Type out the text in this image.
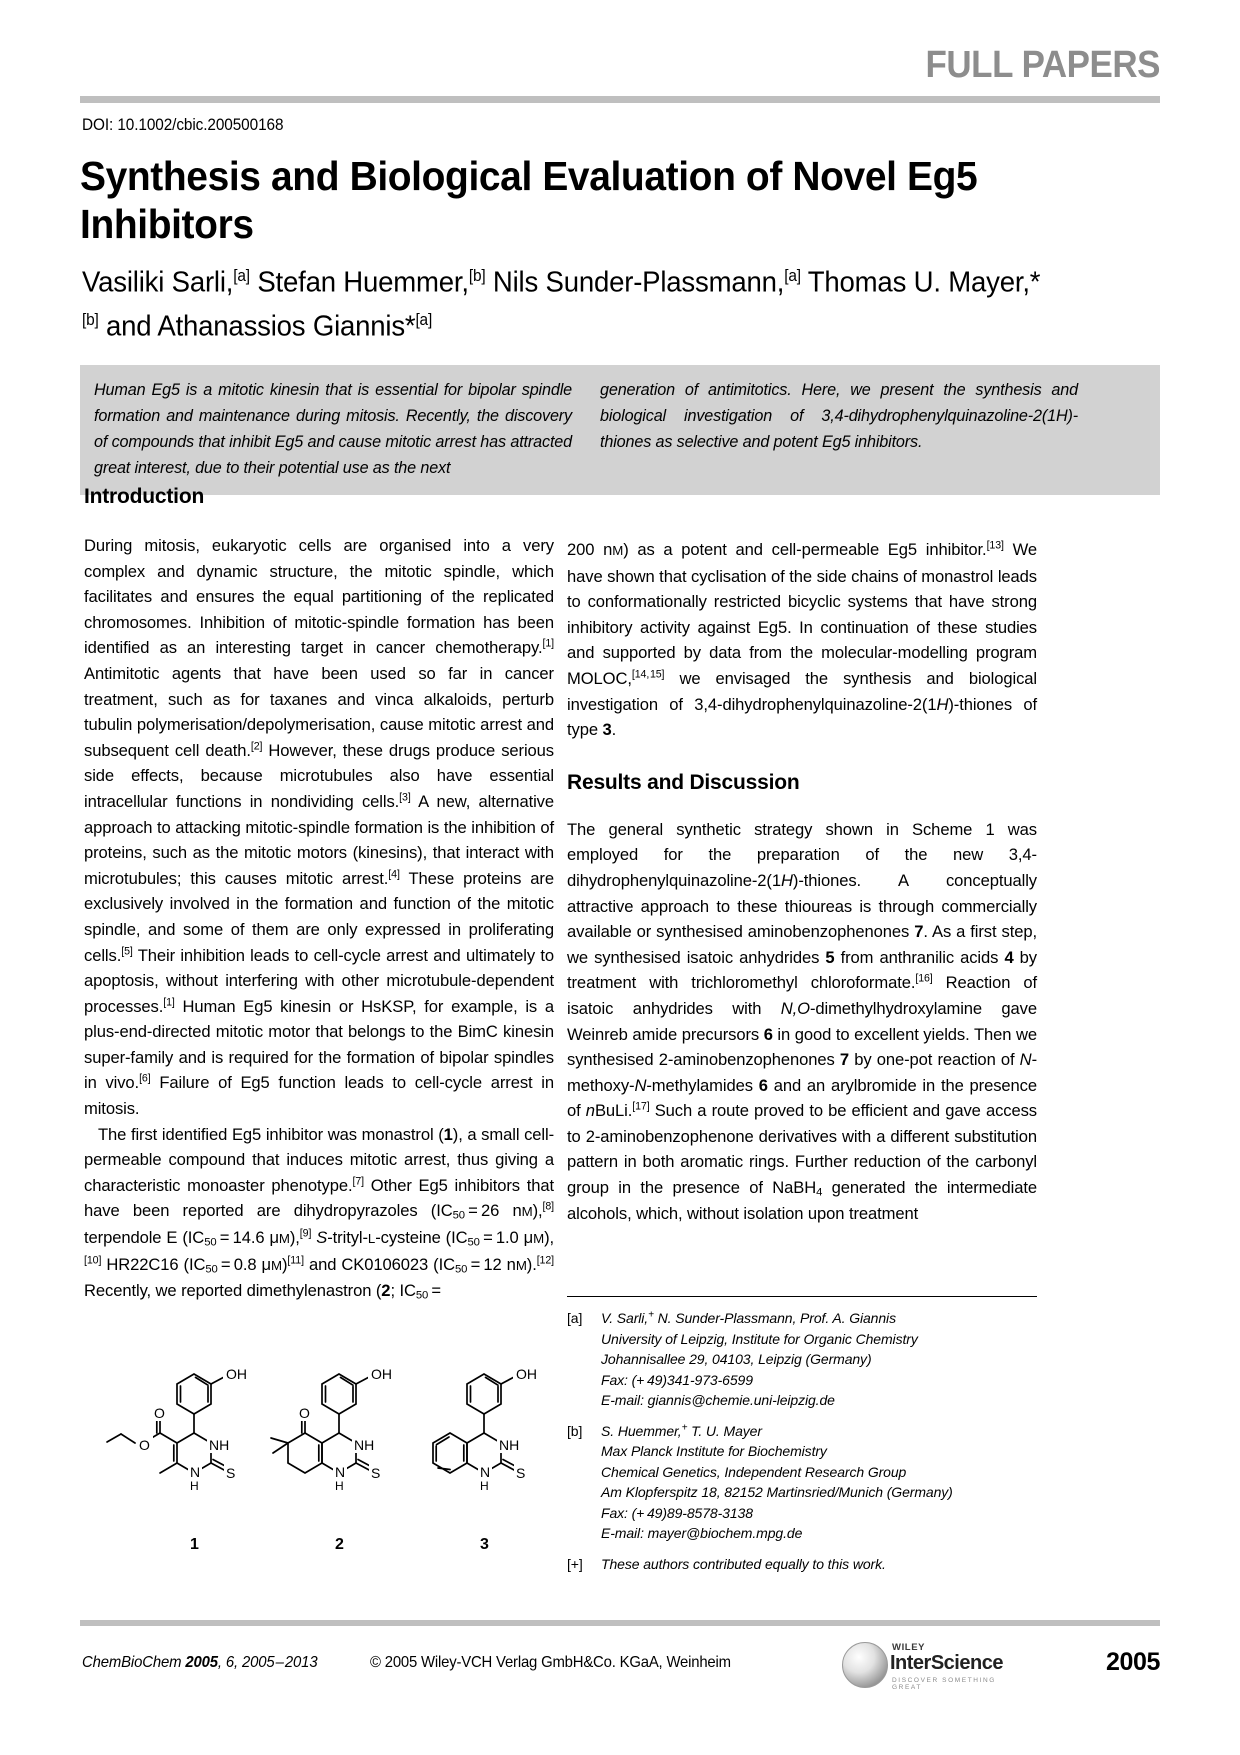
FULL PAPERS
DOI: 10.1002/cbic.200500168
Synthesis and Biological Evaluation of Novel Eg5 Inhibitors
Vasiliki Sarli,[a] Stefan Huemmer,[b] Nils Sunder-Plassmann,[a] Thomas U. Mayer,*[b] and Athanassios Giannis*[a]
Human Eg5 is a mitotic kinesin that is essential for bipolar spindle formation and maintenance during mitosis. Recently, the discovery of compounds that inhibit Eg5 and cause mitotic arrest has attracted great interest, due to their potential use as the next
generation of antimitotics. Here, we present the synthesis and biological investigation of 3,4-dihydrophenylquinazoline-2(1H)-thiones as selective and potent Eg5 inhibitors.
Introduction

During mitosis, eukaryotic cells are organised into a very complex and dynamic structure, the mitotic spindle, which facilitates and ensures the equal partitioning of the replicated chromosomes. Inhibition of mitotic-spindle formation has been identified as an interesting target in cancer chemotherapy.[1] Antimitotic agents that have been used so far in cancer treatment, such as for taxanes and vinca alkaloids, perturb tubulin polymerisation/depolymerisation, cause mitotic arrest and subsequent cell death.[2] However, these drugs produce serious side effects, because microtubules also have essential intracellular functions in nondividing cells.[3] A new, alternative approach to attacking mitotic-spindle formation is the inhibition of proteins, such as the mitotic motors (kinesins), that interact with microtubules; this causes mitotic arrest.[4] These proteins are exclusively involved in the formation and function of the mitotic spindle, and some of them are only expressed in proliferating cells.[5] Their inhibition leads to cell-cycle arrest and ultimately to apoptosis, without interfering with other microtubule-dependent processes.[1] Human Eg5 kinesin or HsKSP, for example, is a plus-end-directed mitotic motor that belongs to the BimC kinesin super-family and is required for the formation of bipolar spindles in vivo.[6] Failure of Eg5 function leads to cell-cycle arrest in mitosis.

The first identified Eg5 inhibitor was monastrol (1), a small cell-permeable compound that induces mitotic arrest, thus giving a characteristic monoaster phenotype.[7] Other Eg5 inhibitors that have been reported are dihydropyrazoles ($IC_{50} = 26$ nM),[8] terpendole E ($IC_{50} = 14.6$ μM),[9] S-trityl-L-cysteine ($IC_{50} = 1.0$ μM),[10] HR22C16 ($IC_{50} = 0.8$ μM)[11] and CK0106023 ($IC_{50} = 12$ nM).[12] Recently, we reported dimethylenastron (2; $IC_{50}$ = 

200 nM) as a potent and cell-permeable Eg5 inhibitor.[13] We have shown that cyclisation of the side chains of monastrol leads to conformationally restricted bicyclic systems that have strong inhibitory activity against Eg5. In continuation of these studies and supported by data from the molecular-modelling program MOLOC,[14, 15] we envisaged the synthesis and biological investigation of 3,4-dihydrophenylquinazoline-2(1H)-thiones of type 3.

Results and Discussion

The general synthetic strategy shown in Scheme 1 was employed for the preparation of the new 3,4-dihydrophenylquinazoline-2(1H)-thiones. A conceptually attractive approach to these thioureas is through commercially available or synthesised aminobenzophenones 7. As a first step, we synthesised isatoic anhydrides 5 from anthranilic acids 4 by treatment with trichloromethyl chloroformate.[16] Reaction of isatoic anhydrides with N,O-dimethylhydroxylamine gave Weinreb amide precursors 6 in good to excellent yields. Then we synthesised 2-aminobenzophenones 7 by one-pot reaction of N-methoxy-N-methylamides 6 and an arylbromide in the presence of nBuLi.[17] Such a route proved to be efficient and gave access to 2-aminobenzophenone derivatives with a different substitution pattern in both aromatic rings. Further reduction of the carbonyl group in the presence of NaBH$_4$ generated the intermediate alcohols, which, without isolation upon treatment

OH
O
O	NH
N
H
S
OH
O
NH
N
H
S
OH
NH
N
H
S
1	2	3
[a]	V. Sarli,+ N. Sunder-Plassmann, Prof. A. Giannis
University of Leipzig, Institute for Organic Chemistry
Johannisallee 29, 04103, Leipzig (Germany)
Fax: (+ 49)341-973-6599
E-mail: giannis@chemie.uni-leipzig.de
[b]	S. Huemmer,+ T. U. Mayer
Max Planck Institute for Biochemistry
Chemical Genetics, Independent Research Group
Am Klopferspitz 18, 82152 Martinsried/Munich (Germany)
Fax: (+ 49)89-8578-3138
E-mail: mayer@biochem.mpg.de
[+]	These authors contributed equally to this work.
ChemBioChem 2005, 6, 2005 – 2013	© 2005 Wiley-VCH Verlag GmbH&Co. KGaA, Weinheim
WILEY
InterScience
DISCOVER SOMETHING GREAT
2005
